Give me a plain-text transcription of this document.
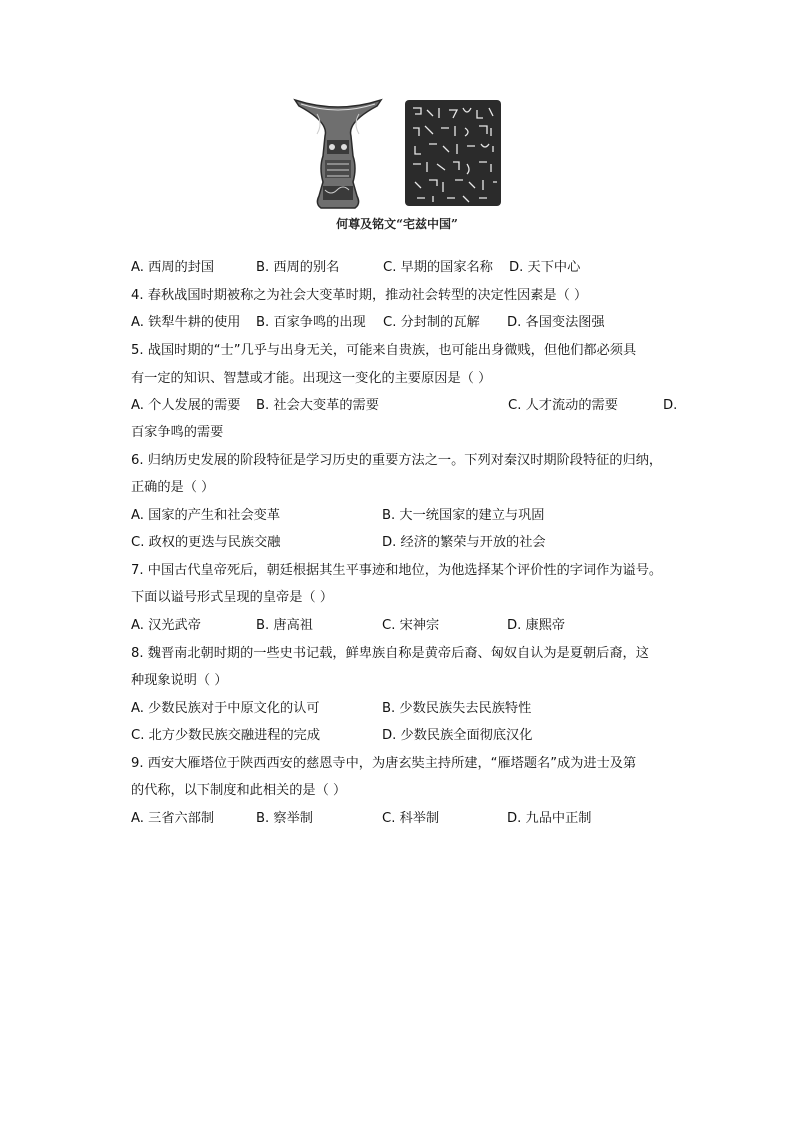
何尊及铭文“宅兹中国”
A. 西周的封国	B. 西周的别名	C. 早期的国家名称 D. 天下中心
4. 春秋战国时期被称之为社会大变革时期，推动社会转型的决定性因素是（ ）
A. 铁犁牛耕的使用 B. 百家争鸣的出现 C. 分封制的瓦解 D. 各国变法图强
5. 战国时期的“士”几乎与出身无关，可能来自贵族，也可能出身微贱，但他们都必须具
有一定的知识、智慧或才能。出现这一变化的主要原因是（ ）
A. 个人发展的需要 B. 社会大变革的需要	C. 人才流动的需要	D.
百家争鸣的需要
6. 归纳历史发展的阶段特征是学习历史的重要方法之一。下列对秦汉时期阶段特征的归纳，
正确的是（ ）
A. 国家的产生和社会变革	B. 大一统国家的建立与巩固
C. 政权的更迭与民族交融	D. 经济的繁荣与开放的社会
7. 中国古代皇帝死后，朝廷根据其生平事迹和地位，为他选择某个评价性的字词作为谥号。
下面以谥号形式呈现的皇帝是（ ）
A. 汉光武帝	B. 唐高祖	C. 宋神宗	D. 康熙帝
8. 魏晋南北朝时期的一些史书记载，鲜卑族自称是黄帝后裔、匈奴自认为是夏朝后裔，这
种现象说明（ ）
A. 少数民族对于中原文化的认可	B. 少数民族失去民族特性
C. 北方少数民族交融进程的完成	D. 少数民族全面彻底汉化
9. 西安大雁塔位于陕西西安的慈恩寺中，为唐玄奘主持所建，“雁塔题名”成为进士及第
的代称，以下制度和此相关的是（ ）
A. 三省六部制	B. 察举制	C. 科举制	D. 九品中正制
